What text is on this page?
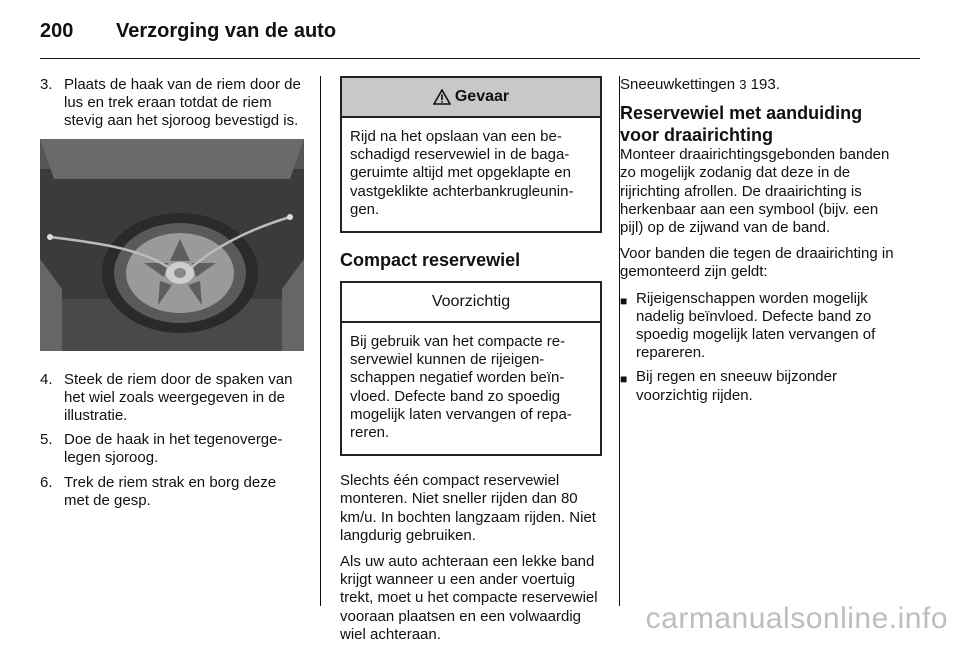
200	Verzorging van de auto
3. Plaats de haak van de riem door de lus en trek eraan totdat de riem stevig aan het sjoroog bevestigd is.
4. Steek de riem door de spaken van het wiel zoals weergegeven in de illustratie.
5. Doe de haak in het tegenovergelegen sjoroog.
6. Trek de riem strak en borg deze met de gesp.
Gevaar
Rijd na het opslaan van een beschadigd reservewiel in de bagageruimte altijd met opgeklapte en vastgeklikte achterbankrugleuningen.
Compact reservewiel
Voorzichtig
Bij gebruik van het compacte reservewiel kunnen de rijeigenschappen negatief worden beïnvloed. Defecte band zo spoedig mogelijk laten vervangen of repareren.

Slechts één compact reservewiel monteren. Niet sneller rijden dan 80 km/u. In bochten langzaam rijden. Niet langdurig gebruiken.

Als uw auto achteraan een lekke band krijgt wanneer u een ander voertuig trekt, moet u het compacte reservewiel vooraan plaatsen en een volwaardig wiel achteraan.

Sneeuwkettingen 3 193.

Reservewiel met aanduiding voor draairichting

Monteer draairichtingsgebonden banden zo mogelijk zodanig dat deze in de rijrichting afrollen. De draairichting is herkenbaar aan een symbool (bijv. een pijl) op de zijwand van de band.

Voor banden die tegen de draairichting in gemonteerd zijn geldt:

■ Rijeigenschappen worden mogelijk nadelig beïnvloed. Defecte band zo spoedig mogelijk laten vervangen of repareren.
■ Bij regen en sneeuw bijzonder voorzichtig rijden.
carmanualsonline.info
